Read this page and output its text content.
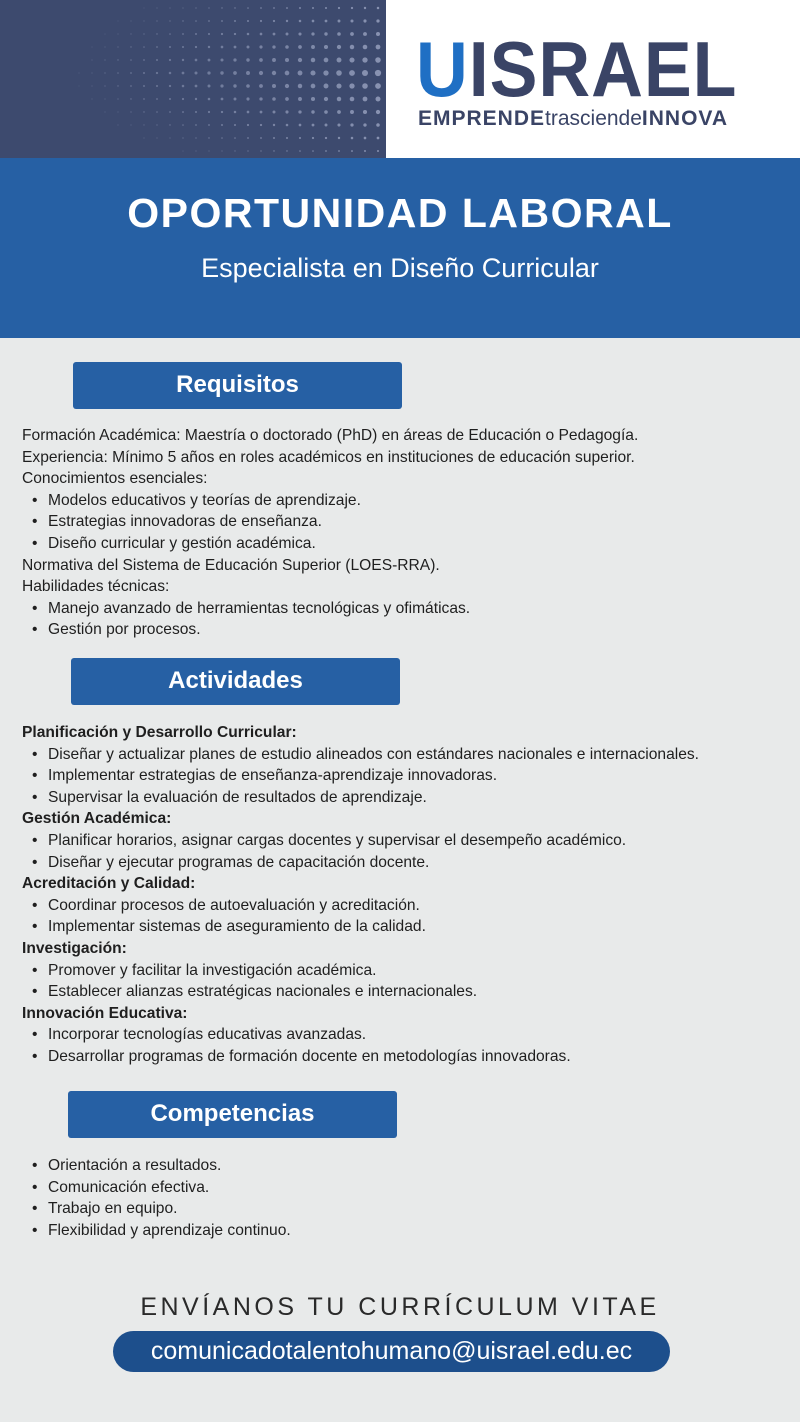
UISRAEL
EMPRENDEtrasciendeINNOVA
OPORTUNIDAD LABORAL
Especialista en Diseño Curricular
Requisitos
Formación Académica: Maestría o doctorado (PhD) en áreas de Educación o Pedagogía.
Experiencia: Mínimo 5 años en roles académicos en instituciones de educación superior.
Conocimientos esenciales:
• Modelos educativos y teorías de aprendizaje.
• Estrategias innovadoras de enseñanza.
• Diseño curricular y gestión académica.
Normativa del Sistema de Educación Superior (LOES-RRA).
Habilidades técnicas:
• Manejo avanzado de herramientas tecnológicas y ofimáticas.
• Gestión por procesos.
Actividades
Planificación y Desarrollo Curricular:
• Diseñar y actualizar planes de estudio alineados con estándares nacionales e internacionales.
• Implementar estrategias de enseñanza-aprendizaje innovadoras.
• Supervisar la evaluación de resultados de aprendizaje.
Gestión Académica:
• Planificar horarios, asignar cargas docentes y supervisar el desempeño académico.
• Diseñar y ejecutar programas de capacitación docente.
Acreditación y Calidad:
• Coordinar procesos de autoevaluación y acreditación.
• Implementar sistemas de aseguramiento de la calidad.
Investigación:
• Promover y facilitar la investigación académica.
• Establecer alianzas estratégicas nacionales e internacionales.
Innovación Educativa:
• Incorporar tecnologías educativas avanzadas.
• Desarrollar programas de formación docente en metodologías innovadoras.
Competencias
• Orientación a resultados.
• Comunicación efectiva.
• Trabajo en equipo.
• Flexibilidad y aprendizaje continuo.
ENVÍANOS TU CURRÍCULUM VITAE
comunicadotalentohumano@uisrael.edu.ec
